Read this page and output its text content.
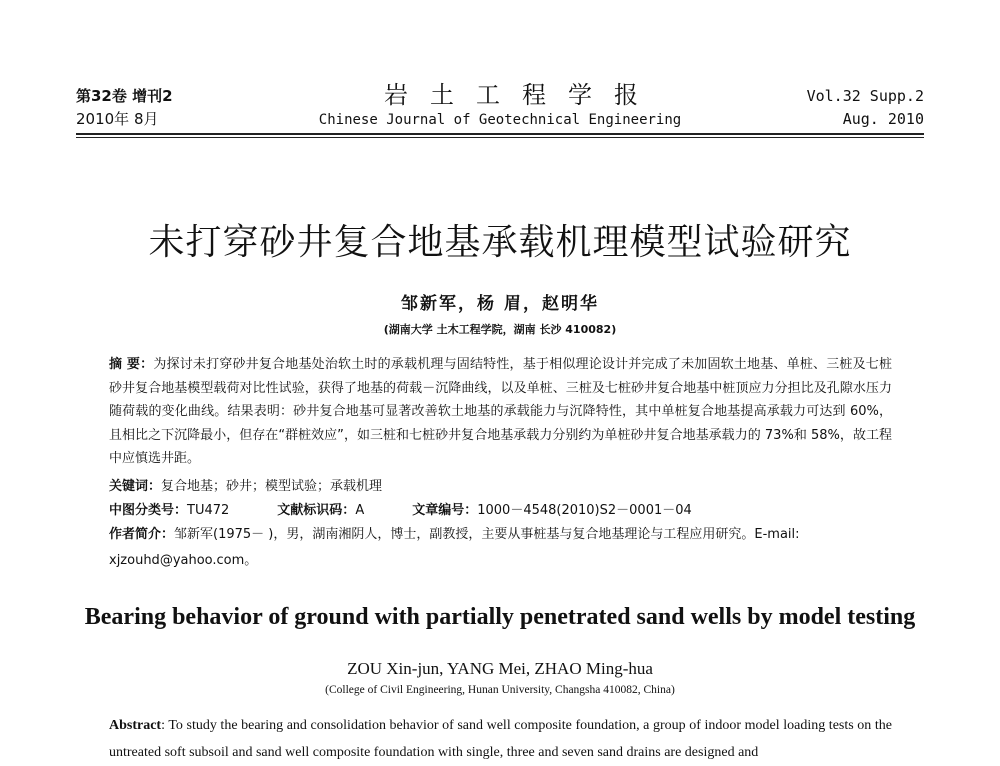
第32卷 增刊2
2010年 8月
岩土工程学报
Chinese Journal of Geotechnical Engineering
Vol.32 Supp.2
Aug. 2010
未打穿砂井复合地基承载机理模型试验研究
邹新军，杨 眉，赵明华
(湖南大学 土木工程学院，湖南 长沙 410082)
摘 要：为探讨未打穿砂井复合地基处治软土时的承载机理与固结特性，基于相似理论设计并完成了未加固软土地基、单桩、三桩及七桩砂井复合地基模型载荷对比性试验，获得了地基的荷载－沉降曲线，以及单桩、三桩及七桩砂井复合地基中桩顶应力分担比及孔隙水压力随荷载的变化曲线。结果表明：砂井复合地基可显著改善软土地基的承载能力与沉降特性，其中单桩复合地基提高承载力可达到 60%，且相比之下沉降最小，但存在“群桩效应”，如三桩和七桩砂井复合地基承载力分别约为单桩砂井复合地基承载力的 73%和 58%，故工程中应慎选井距。
关键词：复合地基；砂井；模型试验；承载机理
中图分类号：TU472	文献标识码：A	文章编号：1000－4548(2010)S2－0001－04
作者简介：邹新军(1975－ )，男，湖南湘阴人，博士，副教授，主要从事桩基与复合地基理论与工程应用研究。E-mail:
xjzouhd@yahoo.com。
Bearing behavior of ground with partially penetrated sand wells by model testing
ZOU Xin-jun, YANG Mei, ZHAO Ming-hua
(College of Civil Engineering, Hunan University, Changsha 410082, China)
Abstract: To study the bearing and consolidation behavior of sand well composite foundation, a group of indoor model loading tests on the untreated soft subsoil and sand well composite foundation with single, three and seven sand drains are designed and
